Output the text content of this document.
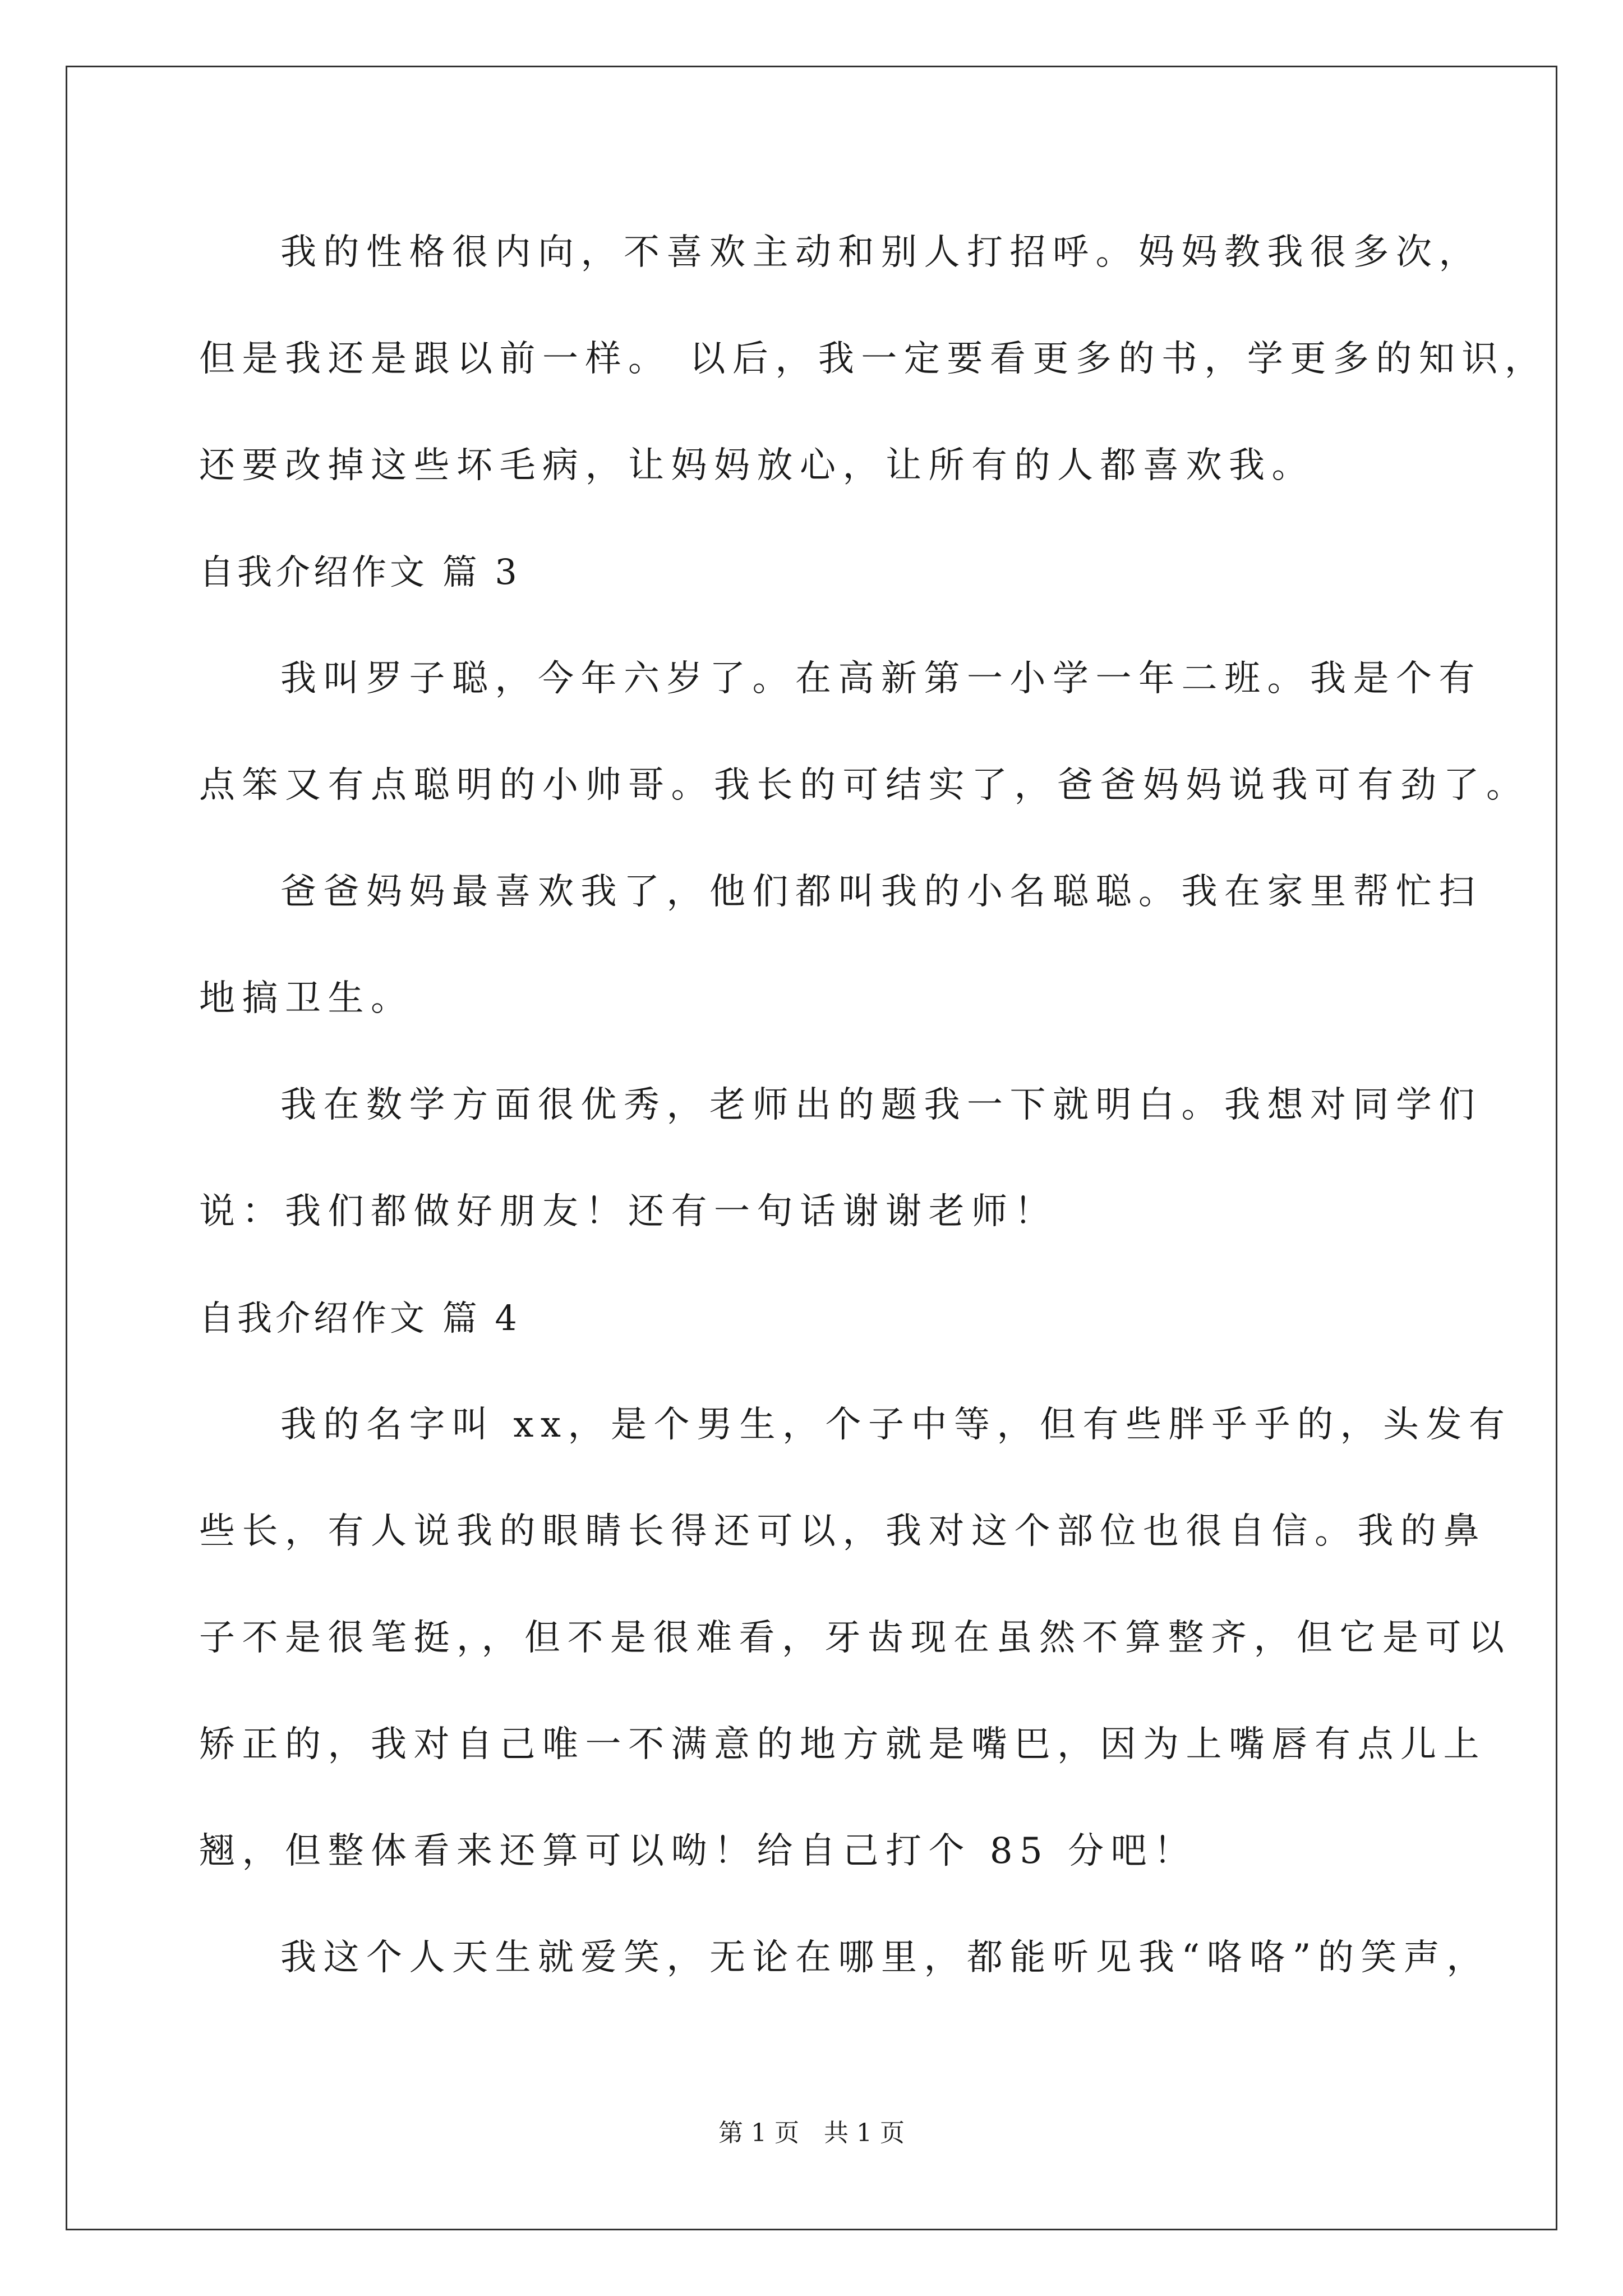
我的性格很内向，不喜欢主动和别人打招呼。妈妈教我很多次，
但是我还是跟以前一样。 以后，我一定要看更多的书，学更多的知识，
还要改掉这些坏毛病，让妈妈放心，让所有的人都喜欢我。
自我介绍作文 篇 3
我叫罗子聪，今年六岁了。在高新第一小学一年二班。我是个有
点笨又有点聪明的小帅哥。我长的可结实了，爸爸妈妈说我可有劲了。
爸爸妈妈最喜欢我了，他们都叫我的小名聪聪。我在家里帮忙扫
地搞卫生。
我在数学方面很优秀，老师出的题我一下就明白。我想对同学们
说：我们都做好朋友！还有一句话谢谢老师！
自我介绍作文 篇 4
我的名字叫 xx，是个男生，个子中等，但有些胖乎乎的，头发有
些长，有人说我的眼睛长得还可以，我对这个部位也很自信。我的鼻
子不是很笔挺，，但不是很难看，牙齿现在虽然不算整齐，但它是可以
矫正的，我对自己唯一不满意的地方就是嘴巴，因为上嘴唇有点儿上
翘，但整体看来还算可以呦！给自己打个 85 分吧！
我这个人天生就爱笑，无论在哪里，都能听见我“咯咯”的笑声，
第 1 页　共 1 页
